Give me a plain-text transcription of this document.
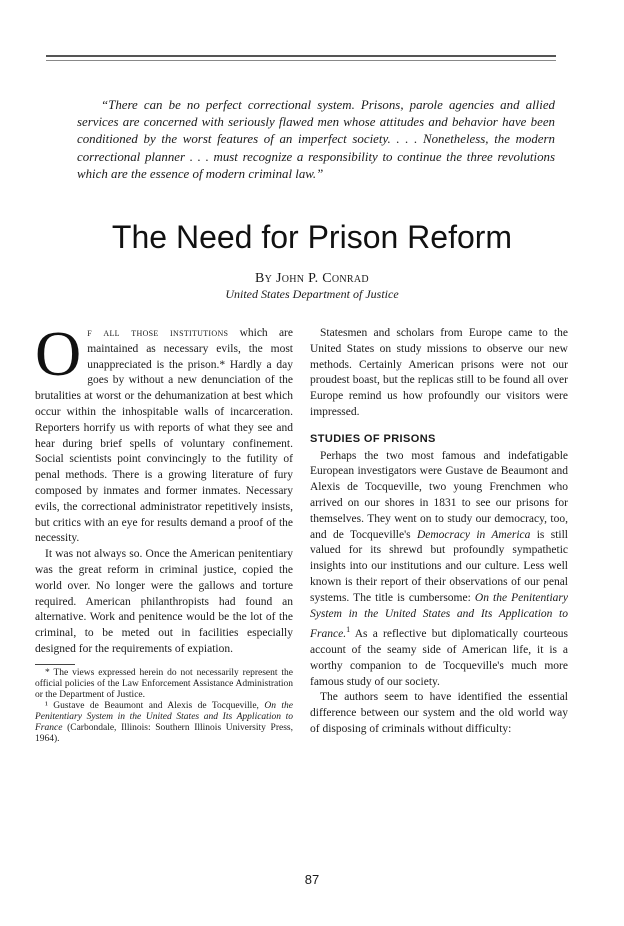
“There can be no perfect correctional system. Prisons, parole agencies and allied services are concerned with seriously flawed men whose attitudes and behavior have been conditioned by the worst features of an imperfect society. . . . Nonetheless, the modern correctional planner . . . must recognize a responsibility to continue the three revolutions which are the essence of modern criminal law.”

The Need for Prison Reform

By John P. Conrad

United States Department of Justice

Of all those institutions which are maintained as necessary evils, the most unappreciated is the prison.* Hardly a day goes by without a new denunciation of the brutalities at worst or the dehumanization at best which occur within the inhospitable walls of incarceration. Reporters horrify us with reports of what they see and hear during brief spells of voluntary confinement. Social scientists point convincingly to the futility of penal methods. There is a growing literature of fury composed by inmates and former inmates. Necessary evils, the correctional administrator repetitively insists, but critics with an eye for results demand a proof of the necessity.

It was not always so. Once the American penitentiary was the great reform in criminal justice, copied the world over. No longer were the gallows and torture required. American philanthropists had found an alternative. Work and penitence would be the lot of the criminal, to be meted out in facilities especially designed for the requirements of expiation.

* The views expressed herein do not necessarily represent the official policies of the Law Enforcement Assistance Administration or the Department of Justice.

¹ Gustave de Beaumont and Alexis de Tocqueville, On the Penitentiary System in the United States and Its Application to France (Carbondale, Illinois: Southern Illinois University Press, 1964).

Statesmen and scholars from Europe came to the United States on study missions to observe our new methods. Certainly American prisons were not our proudest boast, but the replicas still to be found all over Europe remind us how profoundly our visitors were impressed.

STUDIES OF PRISONS

Perhaps the two most famous and indefatigable European investigators were Gustave de Beaumont and Alexis de Tocqueville, two young Frenchmen who arrived on our shores in 1831 to see our prisons for themselves. They went on to study our democracy, too, and de Tocqueville's Democracy in America is still valued for its shrewd but profoundly sympathetic insights into our institutions and our culture. Less well known is their report of their observations of our penal systems. The title is cumbersome: On the Penitentiary System in the United States and Its Application to France.$^1$ As a reflective but diplomatically courteous account of the seamy side of American life, it is a worthy companion to de Tocqueville's much more famous study of our society.

The authors seem to have identified the essential difference between our system and the old world way of disposing of criminals without difficulty:

87
